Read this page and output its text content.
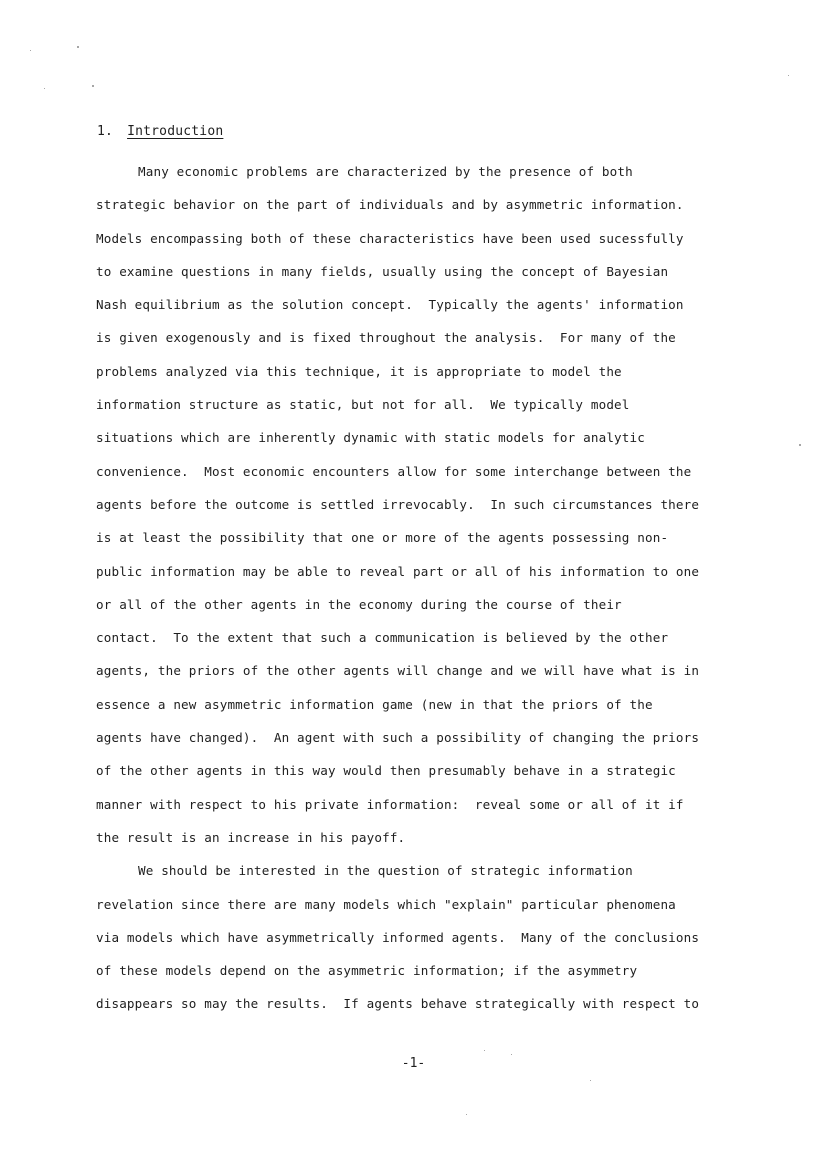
1. Introduction
Many economic problems are characterized by the presence of both
strategic behavior on the part of individuals and by asymmetric information.
Models encompassing both of these characteristics have been used sucessfully
to examine questions in many fields, usually using the concept of Bayesian
Nash equilibrium as the solution concept.  Typically the agents' information
is given exogenously and is fixed throughout the analysis.  For many of the
problems analyzed via this technique, it is appropriate to model the
information structure as static, but not for all.  We typically model
situations which are inherently dynamic with static models for analytic
convenience.  Most economic encounters allow for some interchange between the
agents before the outcome is settled irrevocably.  In such circumstances there
is at least the possibility that one or more of the agents possessing non-
public information may be able to reveal part or all of his information to one
or all of the other agents in the economy during the course of their
contact.  To the extent that such a communication is believed by the other
agents, the priors of the other agents will change and we will have what is in
essence a new asymmetric information game (new in that the priors of the
agents have changed).  An agent with such a possibility of changing the priors
of the other agents in this way would then presumably behave in a strategic
manner with respect to his private information:  reveal some or all of it if
the result is an increase in his payoff.
We should be interested in the question of strategic information
revelation since there are many models which "explain" particular phenomena
via models which have asymmetrically informed agents.  Many of the conclusions
of these models depend on the asymmetric information; if the asymmetry
disappears so may the results.  If agents behave strategically with respect to
-1-
